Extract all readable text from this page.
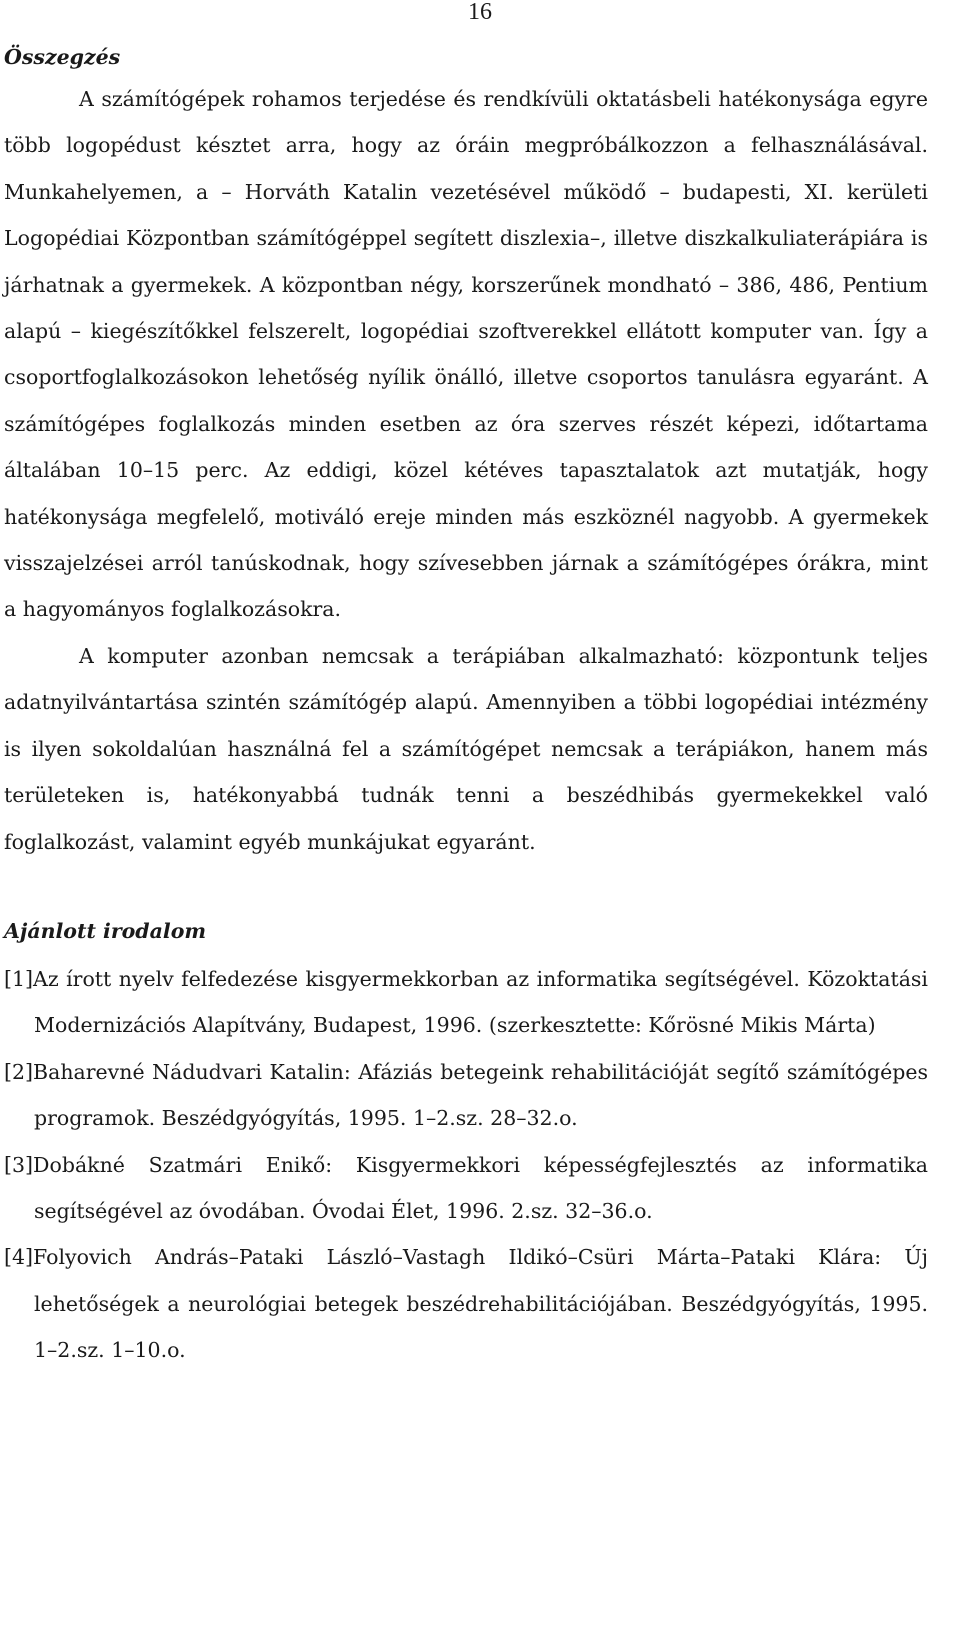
16
Összegzés

A számítógépek rohamos terjedése és rendkívüli oktatásbeli hatékonysága egyre több logopédust késztet arra, hogy az óráin megpróbálkozzon a felhasználásával. Munkahelyemen, a – Horváth Katalin vezetésével működő – budapesti, XI. kerületi Logopédiai Központban számítógéppel segített diszlexia–, illetve diszkalkuliaterápiára is járhatnak a gyermekek. A központban négy, korszerűnek mondható – 386, 486, Pentium alapú – kiegészítőkkel felszerelt, logopédiai szoftverekkel ellátott komputer van. Így a csoportfoglalkozásokon lehetőség nyílik önálló, illetve csoportos tanulásra egyaránt. A számítógépes foglalkozás minden esetben az óra szerves részét képezi, időtartama általában 10–15 perc. Az eddigi, közel kétéves tapasztalatok azt mutatják, hogy hatékonysága megfelelő, motiváló ereje minden más eszköznél nagyobb. A gyermekek visszajelzései arról tanúskodnak, hogy szívesebben járnak a számítógépes órákra, mint a hagyományos foglalkozásokra.

A komputer azonban nemcsak a terápiában alkalmazható: központunk teljes adatnyilvántartása szintén számítógép alapú. Amennyiben a többi logopédiai intézmény is ilyen sokoldalúan használná fel a számítógépet nemcsak a terápiákon, hanem más területeken is, hatékonyabbá tudnák tenni a beszédhibás gyermekekkel való foglalkozást, valamint egyéb munkájukat egyaránt.

Ajánlott irodalom
[1]Az írott nyelv felfedezése kisgyermekkorban az informatika segítségével. Közoktatási Modernizációs Alapítvány, Budapest, 1996. (szerkesztette: Kőrösné Mikis Márta)
[2]Baharevné Nádudvari Katalin: Afáziás betegeink rehabilitációját segítő számítógépes programok. Beszédgyógyítás, 1995. 1–2.sz. 28–32.o.
[3]Dobákné Szatmári Enikő: Kisgyermekkori képességfejlesztés az informatika segítségével az óvodában. Óvodai Élet, 1996. 2.sz. 32–36.o.
[4]Folyovich András–Pataki László–Vastagh Ildikó–Csüri Márta–Pataki Klára: Új lehetőségek a neurológiai betegek beszédrehabilitációjában. Beszédgyógyítás, 1995. 1–2.sz. 1–10.o.
